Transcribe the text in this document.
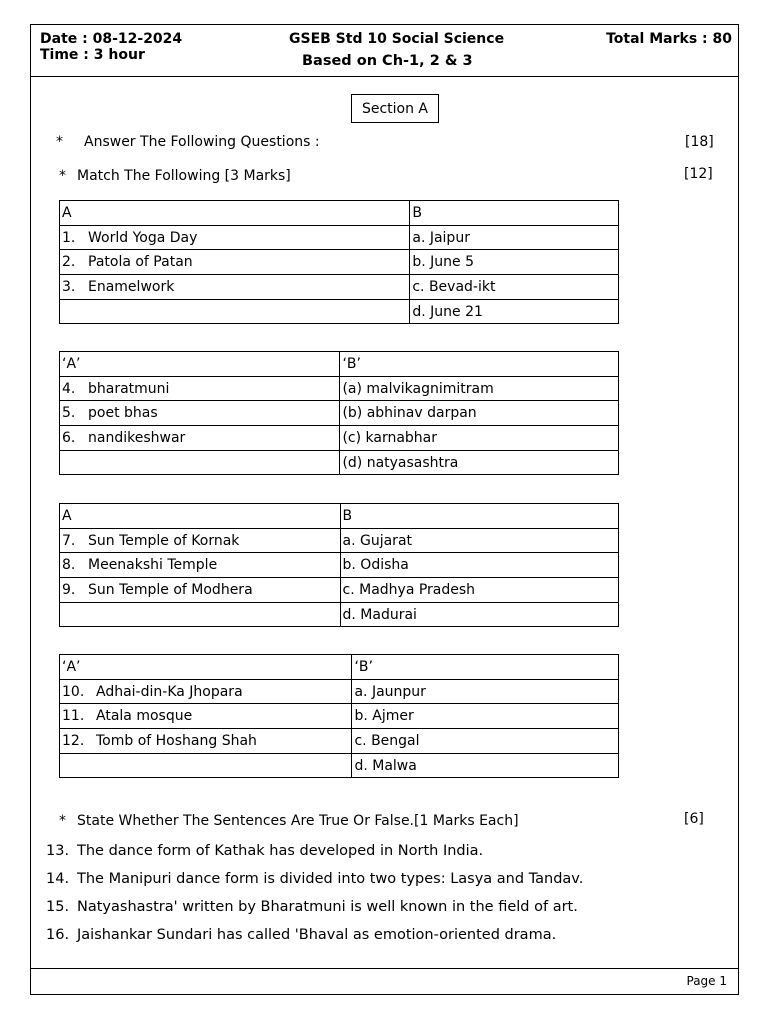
Date : 08-12-2024
Time : 3 hour
GSEB Std 10 Social Science
Based on Ch-1, 2 & 3
Total Marks : 80
Section A
* Answer The Following Questions :	[18]
* Match The Following [3 Marks]	[12]
A	B
1. World Yoga Day	a. Jaipur
2. Patola of Patan	b. June 5
3. Enamelwork	c. Bevad-ikt
	d. June 21
‘A’	‘B’
4. bharatmuni	(a) malvikagnimitram
5. poet bhas	(b) abhinav darpan
6. nandikeshwar	(c) karnabhar
	(d) natyasashtra
A	B
7. Sun Temple of Kornak	a. Gujarat
8. Meenakshi Temple	b. Odisha
9. Sun Temple of Modhera	c. Madhya Pradesh
	d. Madurai
‘A’	‘B’
10. Adhai-din-Ka Jhopara	a. Jaunpur
11. Atala mosque	b. Ajmer
12. Tomb of Hoshang Shah	c. Bengal
	d. Malwa
* State Whether The Sentences Are True Or False.[1 Marks Each]	[6]
13. The dance form of Kathak has developed in North India.
14. The Manipuri dance form is divided into two types: Lasya and Tandav.
15. Natyashastra' written by Bharatmuni is well known in the field of art.
16. Jaishankar Sundari has called 'Bhaval as emotion-oriented drama.
Page 1
